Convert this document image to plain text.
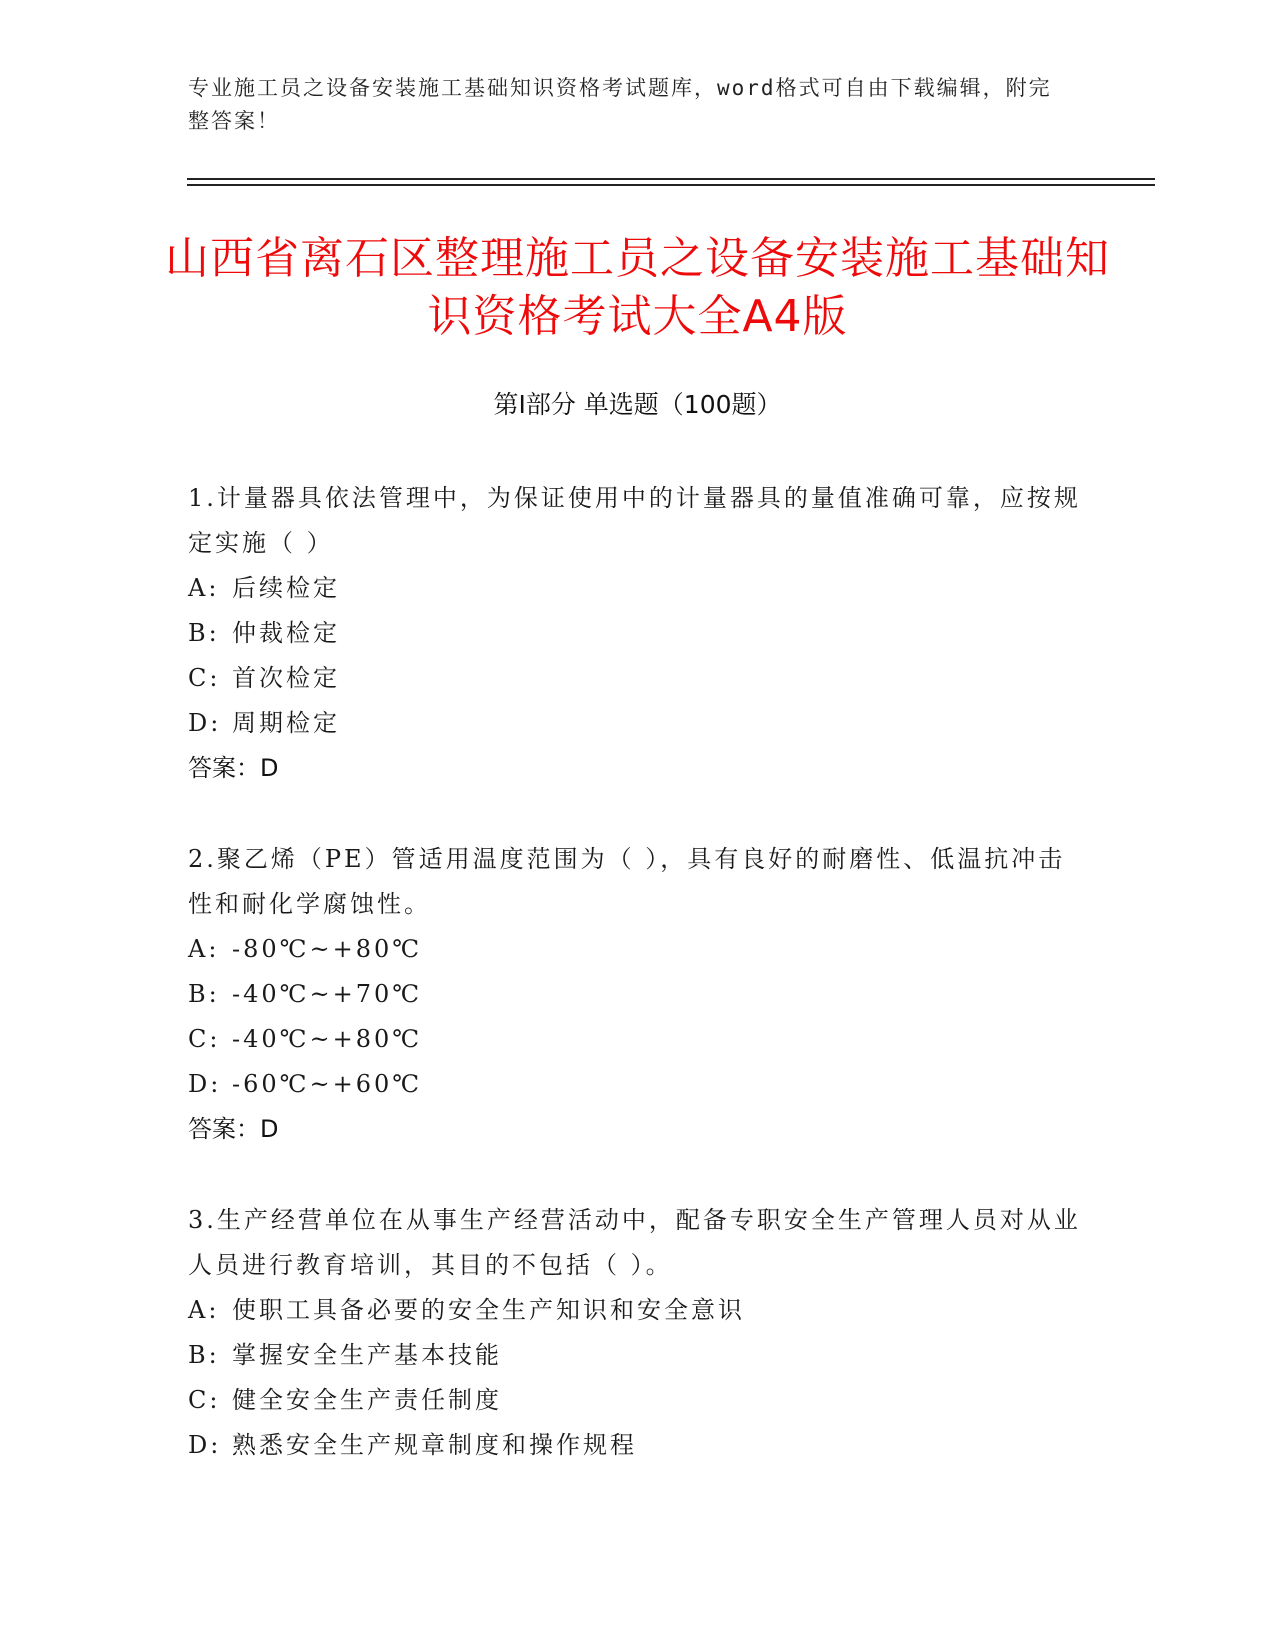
专业施工员之设备安装施工基础知识资格考试题库，word格式可自由下载编辑，附完整答案！
山西省离石区整理施工员之设备安装施工基础知识资格考试大全A4版
第I部分 单选题（100题）
1.计量器具依法管理中，为保证使用中的计量器具的量值准确可靠，应按规定实施（ ）
A: 后续检定
B: 仲裁检定
C: 首次检定
D: 周期检定
答案：D
2.聚乙烯（PE）管适用温度范围为（ ），具有良好的耐磨性、低温抗冲击性和耐化学腐蚀性。
A: -80℃~+80℃
B: -40℃~+70℃
C: -40℃~+80℃
D: -60℃~+60℃
答案：D
3.生产经营单位在从事生产经营活动中，配备专职安全生产管理人员对从业人员进行教育培训，其目的不包括（ ）。
A: 使职工具备必要的安全生产知识和安全意识
B: 掌握安全生产基本技能
C: 健全安全生产责任制度
D: 熟悉安全生产规章制度和操作规程
